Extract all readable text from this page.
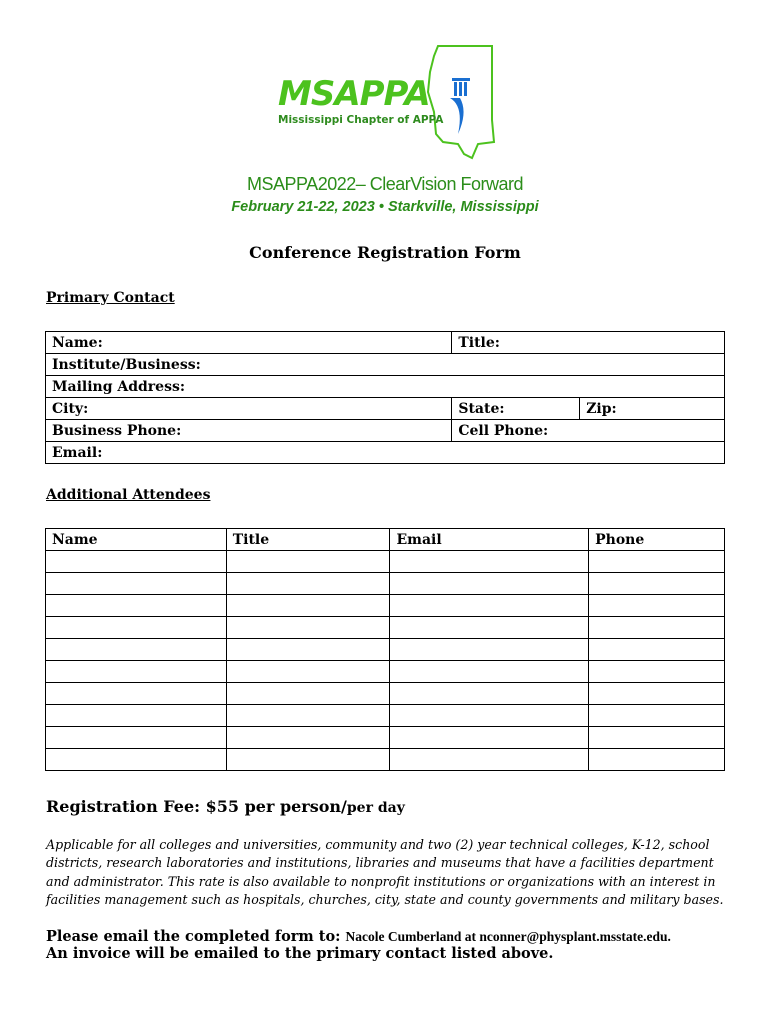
MSAPPA
Mississippi Chapter of APPA
MSAPPA2022– ClearVision Forward
February 21-22, 2023 • Starkville, Mississippi
Conference Registration Form
Primary Contact
Name:	Title:	
Institute/Business:		
Mailing Address:		
City:	State:	Zip:
Business Phone:	Cell Phone:	
Email:		
Additional Attendees
Name	Title	Email	Phone

Registration Fee: $55 per person/per day
Applicable for all colleges and universities, community and two (2) year technical colleges, K-12, school districts, research laboratories and institutions, libraries and museums that have a facilities department and administrator. This rate is also available to nonprofit institutions or organizations with an interest in facilities management such as hospitals, churches, city, state and county governments and military bases.
Please email the completed form to: Nacole Cumberland at nconner@physplant.msstate.edu.
An invoice will be emailed to the primary contact listed above.
